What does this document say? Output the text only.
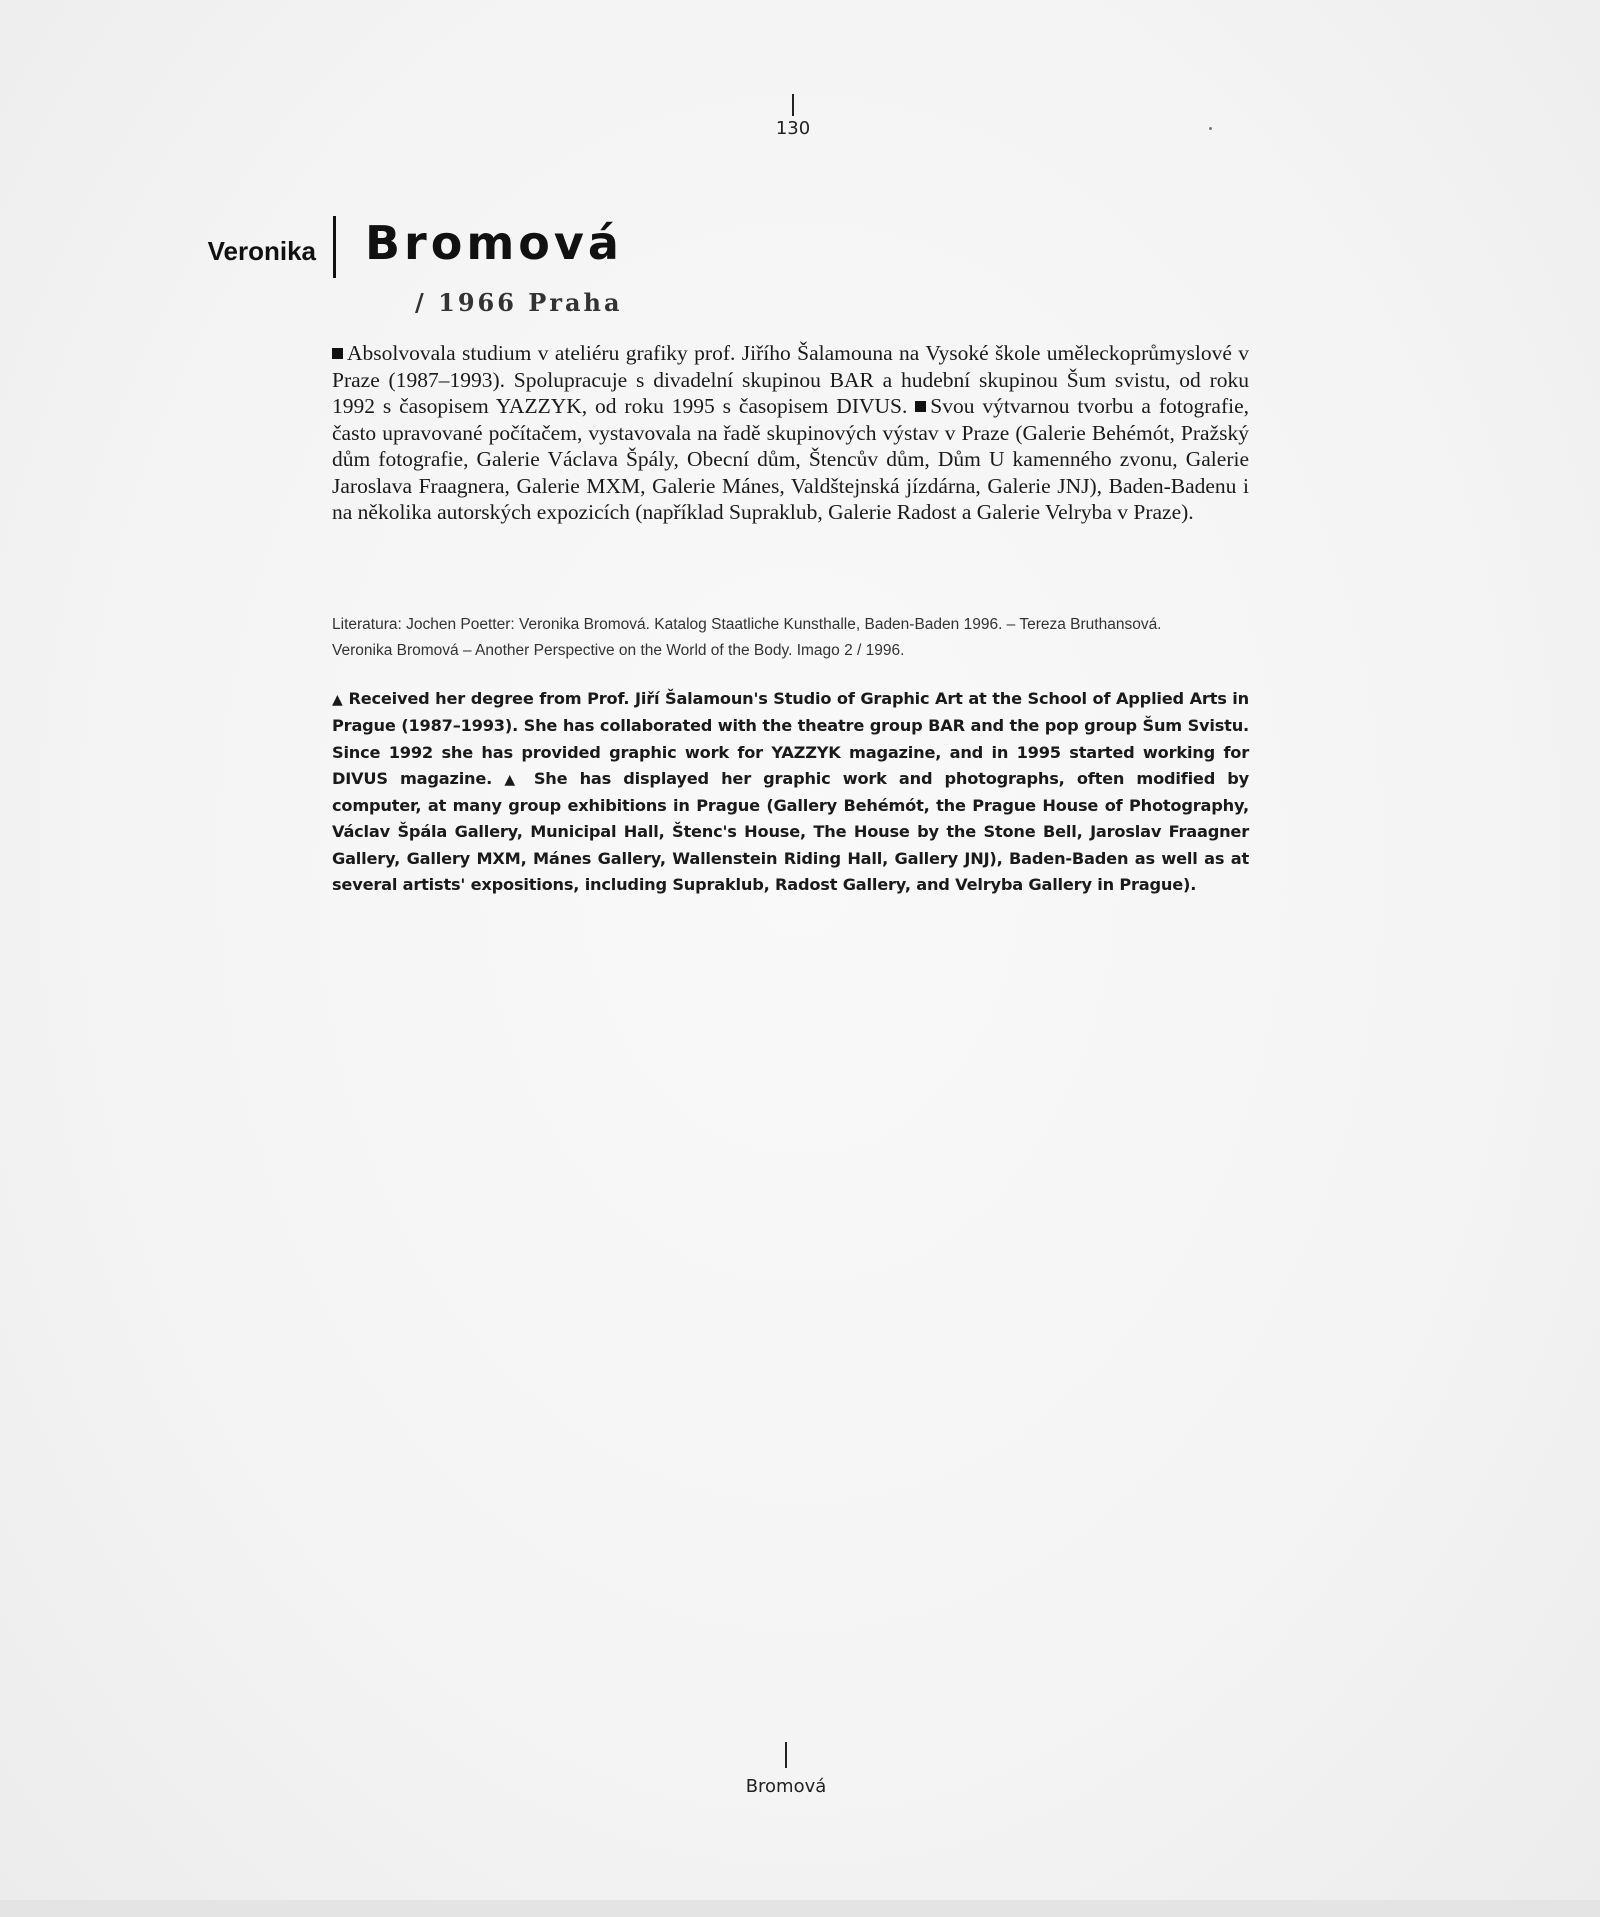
130
Veronika Bromová
/ 1966 Praha
Absolvovala studium v ateliéru grafiky prof. Jiřího Šalamouna na Vysoké škole uměleckoprůmyslové v Praze (1987–1993). Spolupracuje s divadelní skupinou BAR a hudební skupinou Šum svistu, od roku 1992 s časopisem YAZZYK, od roku 1995 s časopisem DIVUS. Svou výtvarnou tvorbu a fotografie, často upravované počítačem, vystavovala na řadě skupinových výstav v Praze (Galerie Behémót, Pražský dům fotografie, Galerie Václava Špály, Obecní dům, Štencův dům, Dům U kamenného zvonu, Galerie Jaroslava Fraagnera, Galerie MXM, Galerie Mánes, Valdštejnská jízdárna, Galerie JNJ), Baden-Badenu i na několika autorských expozicích (například Supraklub, Galerie Radost a Galerie Velryba v Praze).
Literatura: Jochen Poetter: Veronika Bromová. Katalog Staatliche Kunsthalle, Baden-Baden 1996. – Tereza Bruthansová.
Veronika Bromová – Another Perspective on the World of the Body. Imago 2 / 1996.
▲ Received her degree from Prof. Jiří Šalamoun's Studio of Graphic Art at the School of Applied Arts in Prague (1987–1993). She has collaborated with the theatre group BAR and the pop group Šum Svistu. Since 1992 she has provided graphic work for YAZZYK magazine, and in 1995 started working for DIVUS magazine. ▲ She has displayed her graphic work and photographs, often modified by computer, at many group exhibitions in Prague (Gallery Behémót, the Prague House of Photography, Václav Špála Gallery, Municipal Hall, Štenc's House, The House by the Stone Bell, Jaroslav Fraagner Gallery, Gallery MXM, Mánes Gallery, Wallenstein Riding Hall, Gallery JNJ), Baden-Baden as well as at several artists' expositions, including Supraklub, Radost Gallery, and Velryba Gallery in Prague).
Bromová
